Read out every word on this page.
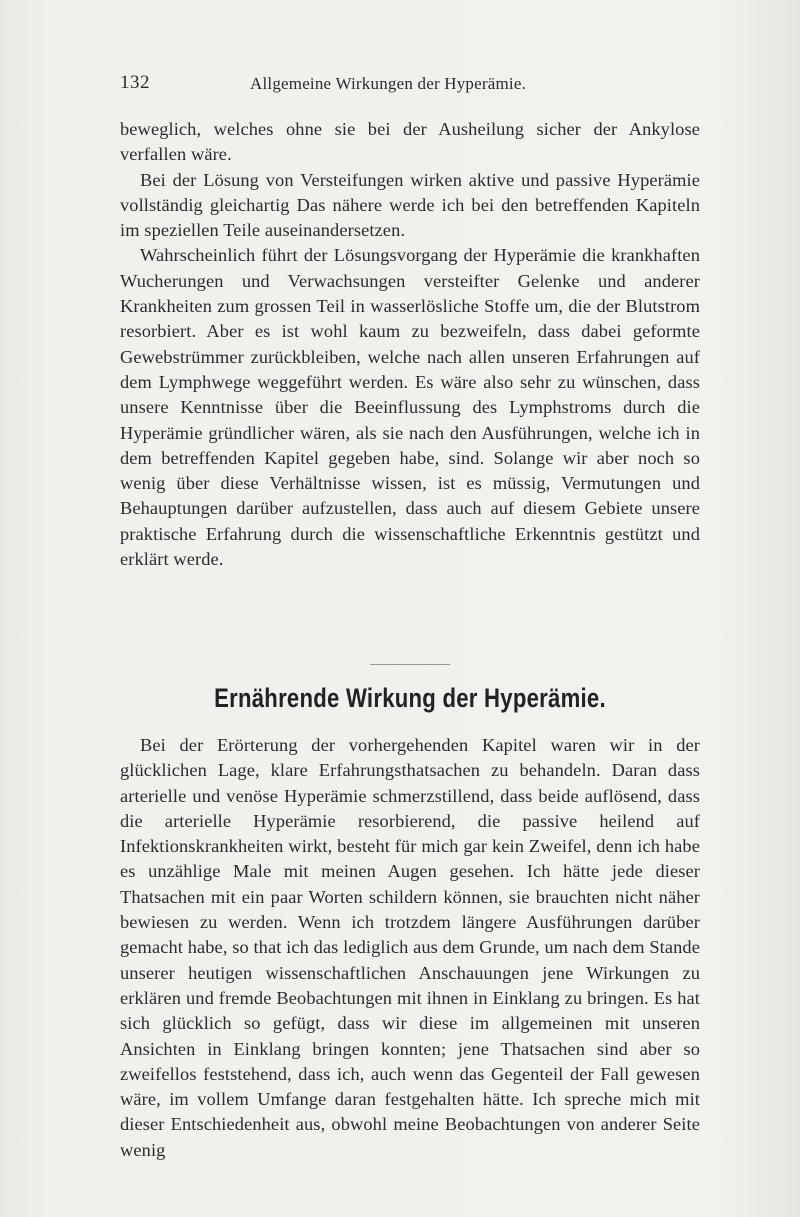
132	Allgemeine Wirkungen der Hyperämie.

beweglich, welches ohne sie bei der Ausheilung sicher der Ankylose verfallen wäre.

Bei der Lösung von Versteifungen wirken aktive und passive Hyperämie vollständig gleichartig Das nähere werde ich bei den betreffenden Kapiteln im speziellen Teile auseinandersetzen.

Wahrscheinlich führt der Lösungsvorgang der Hyperämie die krankhaften Wucherungen und Verwachsungen versteifter Gelenke und anderer Krankheiten zum grossen Teil in wasserlösliche Stoffe um, die der Blutstrom resorbiert. Aber es ist wohl kaum zu bezweifeln, dass dabei geformte Gewebstrümmer zurückbleiben, welche nach allen unseren Erfahrungen auf dem Lymphwege weggeführt werden. Es wäre also sehr zu wünschen, dass unsere Kenntnisse über die Beeinflussung des Lymphstroms durch die Hyperämie gründlicher wären, als sie nach den Ausführungen, welche ich in dem betreffenden Kapitel gegeben habe, sind. Solange wir aber noch so wenig über diese Verhältnisse wissen, ist es müssig, Vermutungen und Behauptungen darüber aufzustellen, dass auch auf diesem Gebiete unsere praktische Erfahrung durch die wissenschaftliche Erkenntnis gestützt und erklärt werde.

Ernährende Wirkung der Hyperämie.

Bei der Erörterung der vorhergehenden Kapitel waren wir in der glücklichen Lage, klare Erfahrungsthatsachen zu behandeln. Daran dass arterielle und venöse Hyperämie schmerzstillend, dass beide auflösend, dass die arterielle Hyperämie resorbierend, die passive heilend auf Infektionskrankheiten wirkt, besteht für mich gar kein Zweifel, denn ich habe es unzählige Male mit meinen Augen gesehen. Ich hätte jede dieser Thatsachen mit ein paar Worten schildern können, sie brauchten nicht näher bewiesen zu werden. Wenn ich trotzdem längere Ausführungen darüber gemacht habe, so that ich das lediglich aus dem Grunde, um nach dem Stande unserer heutigen wissenschaftlichen Anschauungen jene Wirkungen zu erklären und fremde Beobachtungen mit ihnen in Einklang zu bringen. Es hat sich glücklich so gefügt, dass wir diese im allgemeinen mit unseren Ansichten in Einklang bringen konnten; jene Thatsachen sind aber so zweifellos feststehend, dass ich, auch wenn das Gegenteil der Fall gewesen wäre, im vollem Umfange daran festgehalten hätte. Ich spreche mich mit dieser Entschiedenheit aus, obwohl meine Beobachtungen von anderer Seite wenig
